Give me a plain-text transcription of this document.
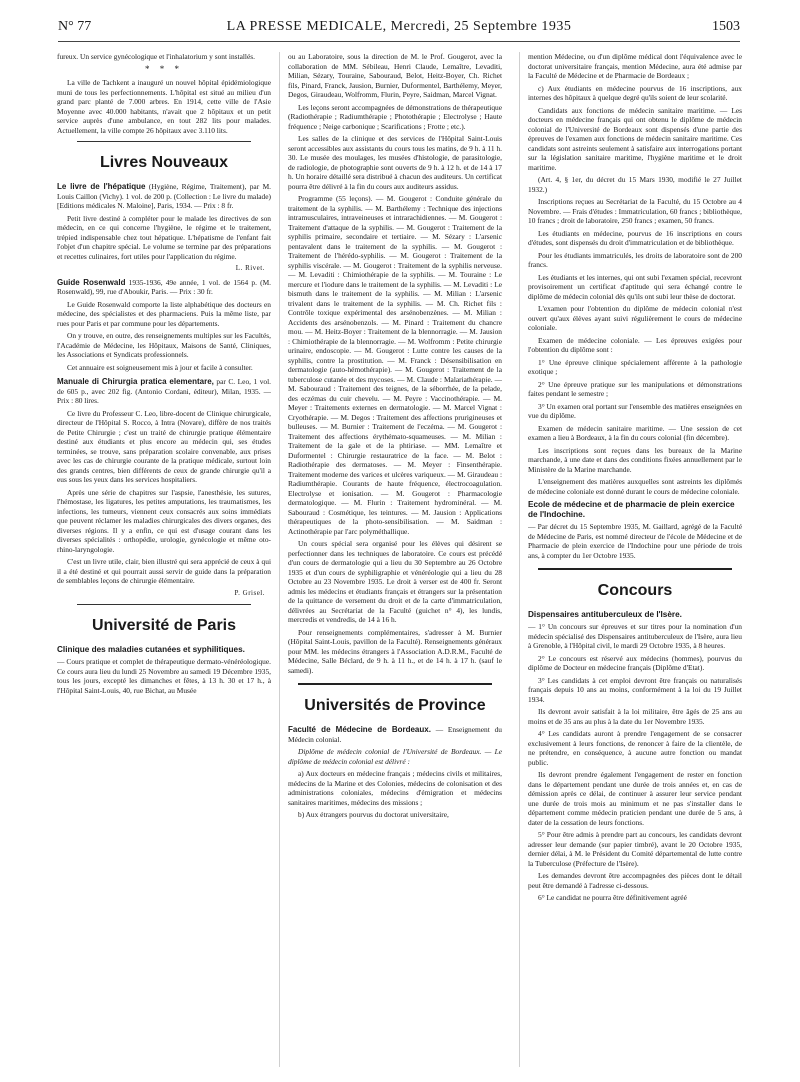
N° 77	LA PRESSE MEDICALE, Mercredi, 25 Septembre 1935	1503

fureux. Un service gynécologique et l'inhalatorium y sont installés.

* * *

La ville de Tachkent a inauguré un nouvel hôpital épidémiologique muni de tous les perfectionnements. L'hôpital est situé au milieu d'un grand parc planté de 7.000 arbres. En 1914, cette ville de l'Asie Moyenne avec 40.000 habitants, n'avait que 2 hôpitaux et un petit service auprès d'une ambulance, en tout 282 lits pour malades. Actuellement, la ville compte 26 hôpitaux avec 3.110 lits.

Livres Nouveaux

Le livre de l'hépatique (Hygiène, Régime, Traitement), par M. Louis Caillon (Vichy). 1 vol. de 200 p. (Collection : Le livre du malade) [Editions médicales N. Maloine], Paris, 1934. — Prix : 8 fr.

Petit livre destiné à compléter pour le malade les directives de son médecin, en ce qui concerne l'hygiène, le régime et le traitement, trépied indispensable chez tout hépatique. L'hépatisme de l'enfant fait l'objet d'un chapitre spécial. Le volume se termine par des préparations et recettes culinaires, fort utiles pour l'application du régime.

L. Rivet.

Guide Rosenwald 1935-1936, 49e année, 1 vol. de 1564 p. (M. Rosenwald), 99, rue d'Aboukir, Paris. — Prix : 30 fr.

Le Guide Rosenwald comporte la liste alphabétique des docteurs en médecine, des spécialistes et des pharmaciens. Puis la même liste, par rues pour Paris et par commune pour les départements.

On y trouve, en outre, des renseignements multiples sur les Facultés, l'Académie de Médecine, les Hôpitaux, Maisons de Santé, Cliniques, les Associations et Syndicats professionnels.

Cet annuaire est soigneusement mis à jour et facile à consulter.

Manuale di Chirurgia pratica elementare, par C. Leo, 1 vol. de 605 p., avec 202 fig. (Antonio Cordani, éditeur), Milan, 1935. — Prix : 80 lires.

Ce livre du Professeur C. Leo, libre-docent de Clinique chirurgicale, directeur de l'Hôpital S. Rocco, à Intra (Novare), diffère de nos traités de Petite Chirurgie ; c'est un traité de chirurgie pratique élémentaire destiné aux étudiants et plus encore au médecin qui, ses études terminées, se trouve, sans préparation scolaire convenable, aux prises avec les cas de chirurgie courante de la pratique médicale, surtout loin des grands centres, bien différents de ceux de grande chirurgie qu'il a eus sous les yeux dans les services hospitaliers.

Après une série de chapitres sur l'aspsie, l'anesthésie, les sutures, l'hémostase, les ligatures, les petites amputations, les traumatismes, les infections, les tumeurs, viennent ceux consacrés aux soins immédiats que peuvent réclamer les maladies chirurgicales des divers organes, des diverses régions. Il y a enfin, ce qui est d'usage courant dans les diverses spécialités : orthopédie, urologie, gynécologie et même oto-rhino-laryngologie.

C'est un livre utile, clair, bien illustré qui sera apprécié de ceux à qui il a été destiné et qui pourrait aussi servir de guide dans la préparation de semblables leçons de chirurgie élémentaire.

P. Grisel.
Université de Paris
Clinique des maladies cutanées et syphilitiques.

— Cours pratique et complet de thérapeutique dermato-vénéréologique. Ce cours aura lieu du lundi 25 Novembre au samedi 19 Décembre 1935, tous les jours, excepté les dimanches et fêtes, à 13 h. 30 et 17 h., à l'Hôpital Saint-Louis, 40, rue Bichat, au Musée

ou au Laboratoire, sous la direction de M. le Prof. Gougerot, avec la collaboration de MM. Sébileau, Henri Claude, Lemaître, Levaditi, Milian, Sézary, Touraine, Sabouraud, Belot, Heitz-Boyer, Ch. Richet fils, Pinard, Franck, Jausion, Burnier, Duformentel, Barthélemy, Meyer, Degos, Giraudeau, Wolfromm, Flurin, Peyre, Saidman, Marcel Vignat.

Les leçons seront accompagnées de démonstrations de thérapeutique (Radiothérapie ; Radiumthérapie ; Photothérapie ; Electrolyse ; Haute fréquence ; Neige carbonique ; Scarifications ; Frotte ; etc.).

Les salles de la clinique et des services de l'Hôpital Saint-Louis seront accessibles aux assistants du cours tous les matins, de 9 h. à 11 h. 30. Le musée des moulages, les musées d'histologie, de parasitologie, de radiologie, de photographie sont ouverts de 9 h. à 12 h. et de 14 à 17 h. Un horaire détaillé sera distribué à chacun des auditeurs. Un certificat pourra être délivré à la fin du cours aux auditeurs assidus.

Programme (55 leçons). — M. Gougerot : Conduite générale du traitement de la syphilis. — M. Barthélemy : Technique des injections intramusculaires, intraveineuses et intrarachidiennes. — M. Gougerot : Traitement d'attaque de la syphilis. — M. Gougerot : Traitement de la syphilis primaire, secondaire et tertiaire. — M. Sézary : L'arsenic pentavalent dans le traitement de la syphilis. — M. Gougerot : Traitement de l'hérédo-syphilis. — M. Gougerot : Traitement de la syphilis viscérale. — M. Gougerot : Traitement de la syphilis nerveuse. — M. Levaditi : Chimiothérapie de la syphilis. — M. Touraine : Le mercure et l'iodure dans le traitement de la syphilis. — M. Levaditi : Le bismuth dans le traitement de la syphilis. — M. Milian : L'arsenic trivalent dans le traitement de la syphilis. — M. Ch. Richet fils : Contrôle toxique expérimental des arsénobenzènes. — M. Milian : Accidents des arsénobenzols. — M. Pinard : Traitement du chancre mou. — M. Heitz-Boyer : Traitement de la blennorragie. — M. Jausion : Chimiothérapie de la blennorragie. — M. Wolfromm : Petite chirurgie urinaire, endoscopie. — M. Gougerot : Lutte contre les causes de la syphilis, contre la prostitution. — M. Franck : Désensibilisation en dermatologie (auto-hémothérapie). — M. Gougerot : Traitement de la tuberculose cutanée et des mycoses. — M. Claude : Malariathérapie. — M. Sabouraud : Traitement des teignes, de la séborrhée, de la pelade, des eczémas du cuir chevelu. — M. Peyre : Vaccinothérapie. — M. Meyer : Traitements externes en dermatologie. — M. Marcel Vignat : Cryothérapie. — M. Degos : Traitement des affections prurigineuses et bulleuses. — M. Burnier : Traitement de l'eczéma. — M. Gougerot : Traitement des affections érythémato-squameuses. — M. Milian : Traitement de la gale et de la phtiriase. — MM. Lemaître et Duformentel : Chirurgie restauratrice de la face. — M. Belot : Radiothérapie des dermatoses. — M. Meyer : Finsenthérapie. Traitement moderne des varices et ulcères variqueux. — M. Giraudeau : Radiumthérapie. Courants de haute fréquence, électrocoagulation. Electrolyse et ionisation. — M. Gougerot : Pharmacologie dermatologique. — M. Flurin : Traitement hydrominéral. — M. Sabouraud : Cosmétique, les teintures. — M. Jausion : Applications thérapeutiques de la photo-sensibilisation. — M. Saidman : Actinothérapie par l'arc polyméthallique.

Un cours spécial sera organisé pour les élèves qui désirent se perfectionner dans les techniques de laboratoire. Ce cours est précédé d'un cours de dermatologie qui a lieu du 30 Septembre au 26 Octobre 1935 et d'un cours de syphiligraphie et vénéréologie qui a lieu du 28 Octobre au 23 Novembre 1935. Le droit à verser est de 400 fr. Seront admis les médecins et étudiants français et étrangers sur la présentation de la quittance de versement du droit et de la carte d'immatriculation, délivrées au Secrétariat de la Faculté (guichet n° 4), les lundis, mercredis et vendredis, de 14 à 16 h.

Pour renseignements complémentaires, s'adresser à M. Burnier (Hôpital Saint-Louis, pavillon de la Faculté). Renseignements généraux pour MM. les médecins étrangers à l'Association A.D.R.M., Faculté de Médecine, Salle Béclard, de 9 h. à 11 h., et de 14 h. à 17 h. (sauf le samedi).

Universités de Province

Faculté de Médecine de Bordeaux. — Enseignement du Médecin colonial.

Diplôme de médecin colonial de l'Université de Bordeaux. — Le diplôme de médecin colonial est délivré :

a) Aux docteurs en médecine français ; médecins civils et militaires, médecins de la Marine et des Colonies, médecins de colonisation et des administrations coloniales, médecins d'émigration et médecins sanitaires maritimes, médecins des missions ;

b) Aux étrangers pourvus du doctorat universitaire,

mention Médecine, ou d'un diplôme médical dont l'équivalence avec le doctorat universitaire français, mention Médecine, aura été admise par la Faculté de Médecine et de Pharmacie de Bordeaux ;

c) Aux étudiants en médecine pourvus de 16 inscriptions, aux internes des hôpitaux à quelque degré qu'ils soient de leur scolarité.

Candidats aux fonctions de médecin sanitaire maritime. — Les docteurs en médecine français qui ont obtenu le diplôme de médecin colonial de l'Université de Bordeaux sont dispensés d'une partie des épreuves de l'examen aux fonctions de médecin sanitaire maritime. Ces candidats sont astreints seulement à satisfaire aux interrogations portant sur la législation sanitaire maritime, l'hygiène maritime et le droit maritime.

(Art. 4, § 1er, du décret du 15 Mars 1930, modifié le 27 Juillet 1932.)

Inscriptions reçues au Secrétariat de la Faculté, du 15 Octobre au 4 Novembre. — Frais d'études : Immatriculation, 60 francs ; bibliothèque, 10 francs ; droit de laboratoire, 250 francs ; examen, 50 francs.

Les étudiants en médecine, pourvus de 16 inscriptions en cours d'études, sont dispensés du droit d'immatriculation et de bibliothèque.

Pour les étudiants immatriculés, les droits de laboratoire sont de 200 francs.

Les étudiants et les internes, qui ont subi l'examen spécial, recevront provisoirement un certificat d'aptitude qui sera échangé contre le diplôme de médecin colonial dès qu'ils ont subi leur thèse de doctorat.

L'examen pour l'obtention du diplôme de médecin colonial n'est ouvert qu'aux élèves ayant suivi régulièrement le cours de médecine coloniale.

Examen de médecine coloniale. — Les épreuves exigées pour l'obtention du diplôme sont :

1° Une épreuve clinique spécialement afférente à la pathologie exotique ;

2° Une épreuve pratique sur les manipulations et démonstrations faites pendant le semestre ;

3° Un examen oral portant sur l'ensemble des matières enseignées en vue du diplôme.

Examen de médecin sanitaire maritime. — Une session de cet examen a lieu à Bordeaux, à la fin du cours colonial (fin décembre).

Les inscriptions sont reçues dans les bureaux de la Marine marchande, à une date et dans des conditions fixées annuellement par le Ministère de la Marine marchande.

L'enseignement des matières auxquelles sont astreints les diplômés de médecine coloniale est donné durant le cours de médecine coloniale.

Ecole de médecine et de pharmacie de plein exercice de l'Indochine.

— Par décret du 15 Septembre 1935, M. Gaillard, agrégé de la Faculté de Médecine de Paris, est nommé directeur de l'école de Médecine et de Pharmacie de plein exercice de l'Indochine pour une période de trois ans, à compter du 1er Octobre 1935.

Concours
Dispensaires antituberculeux de l'Isère.

— 1° Un concours sur épreuves et sur titres pour la nomination d'un médecin spécialisé des Dispensaires antituberculeux de l'Isère, aura lieu à Grenoble, à l'Hôpital civil, le mardi 29 Octobre 1935, à 8 heures.

2° Le concours est réservé aux médecins (hommes), pourvus du diplôme de Docteur en médecine français (Diplôme d'Etat).

3° Les candidats à cet emploi devront être français ou naturalisés français depuis 10 ans au moins, conformément à la loi du 19 Juillet 1934.

Ils devront avoir satisfait à la loi militaire, être âgés de 25 ans au moins et de 35 ans au plus à la date du 1er Novembre 1935.

4° Les candidats auront à prendre l'engagement de se consacrer exclusivement à leurs fonctions, de renoncer à faire de la clientèle, de ne prétendre, en conséquence, à aucune autre fonction ou mandat public.

Ils devront prendre également l'engagement de rester en fonction dans le département pendant une durée de trois années et, en cas de démission après ce délai, de continuer à assurer leur service pendant une durée de trois mois au minimum et ne pas s'installer dans le département comme médecin praticien pendant une durée de 5 ans, à dater de la cessation de leurs fonctions.

5° Pour être admis à prendre part au concours, les candidats devront adresser leur demande (sur papier timbré), avant le 20 Octobre 1935, dernier délai, à M. le Président du Comité départemental de lutte contre la Tuberculose (Préfecture de l'Isère).

Les demandes devront être accompagnées des pièces dont le détail peut être demandé à l'adresse ci-dessous.

6° Le candidat ne pourra être définitivement agréé
